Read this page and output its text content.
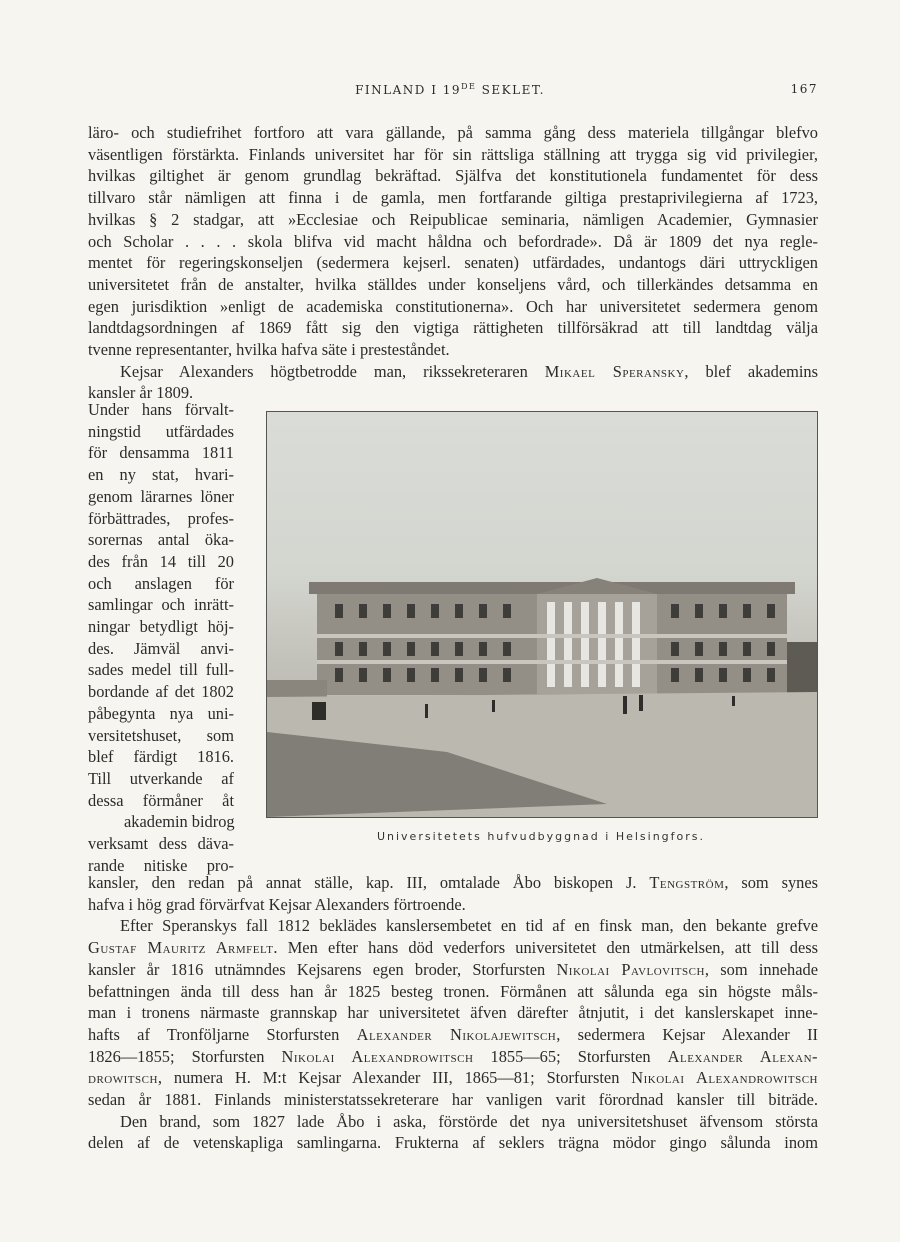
FINLAND I 19DE SEKLET.	167
läro- och studiefrihet fortforo att vara gällande, på samma gång dess materiela tillgångar blefvo
väsentligen förstärkta. Finlands universitet har för sin rättsliga ställning att trygga sig vid privilegier,
hvilkas giltighet är genom grundlag bekräftad. Själfva det konstitutionela fundamentet för dess
tillvaro står nämligen att finna i de gamla, men fortfarande giltiga prestaprivilegierna af 1723,
hvilkas § 2 stadgar, att »Ecclesiae och Reipublicae seminaria, nämligen Academier, Gymnasier
och Scholar . . . . skola blifva vid macht håldna och befordrade». Då är 1809 det nya regle-
mentet för regeringskonseljen (sedermera kejserl. senaten) utfärdades, undantogs däri uttryckligen
universitetet från de anstalter, hvilka ställdes under konseljens vård, och tillerkändes detsamma en
egen jurisdiktion »enligt de academiska constitutionerna». Och har universitetet sedermera genom
landtdagsordningen af 1869 fått sig den vigtiga rättigheten tillförsäkrad att till landtdag välja
tvenne representanter, hvilka hafva säte i presteståndet.
Kejsar Alexanders högtbetrodde man, rikssekreteraren Mikael Speransky, blef akademins
kansler år 1809.
Under hans förvalt-
ningstid utfärdades
för densamma 1811
en ny stat, hvari-
genom lärarnes löner
förbättrades, profes-
sorernas antal öka-
des från 14 till 20
och anslagen för
samlingar och inrätt-
ningar betydligt höj-
des. Jämväl anvi-
sades medel till full-
bordande af det 1802
påbegynta nya uni-
versitetshuset, som
blef färdigt 1816.
Till utverkande af
dessa förmåner åt
akademin bidrog
verksamt dess däva-
rande nitiske pro-
Universitetets hufvudbyggnad i Helsingfors.
kansler, den redan på annat ställe, kap. III, omtalade Åbo biskopen J. Tengström, som synes
hafva i hög grad förvärfvat Kejsar Alexanders förtroende.
Efter Speranskys fall 1812 beklädes kanslersembetet en tid af en finsk man, den bekante grefve
Gustaf Mauritz Armfelt. Men efter hans död vederfors universitetet den utmärkelsen, att till dess
kansler år 1816 utnämndes Kejsarens egen broder, Storfursten Nikolai Pavlovitsch, som innehade
befattningen ända till dess han år 1825 besteg tronen. Förmånen att sålunda ega sin högste måls-
man i tronens närmaste grannskap har universitetet äfven därefter åtnjutit, i det kanslerskapet inne-
hafts af Tronföljarne Storfursten Alexander Nikolajewitsch, sedermera Kejsar Alexander II
1826—1855; Storfursten Nikolai Alexandrowitsch 1855—65; Storfursten Alexander Alexan-
drowitsch, numera H. M:t Kejsar Alexander III, 1865—81; Storfursten Nikolai Alexandrowitsch
sedan år 1881. Finlands ministerstatssekreterare har vanligen varit förordnad kansler till biträde.
Den brand, som 1827 lade Åbo i aska, förstörde det nya universitetshuset äfvensom största
delen af de vetenskapliga samlingarna. Frukterna af seklers trägna mödor gingo sålunda inom
